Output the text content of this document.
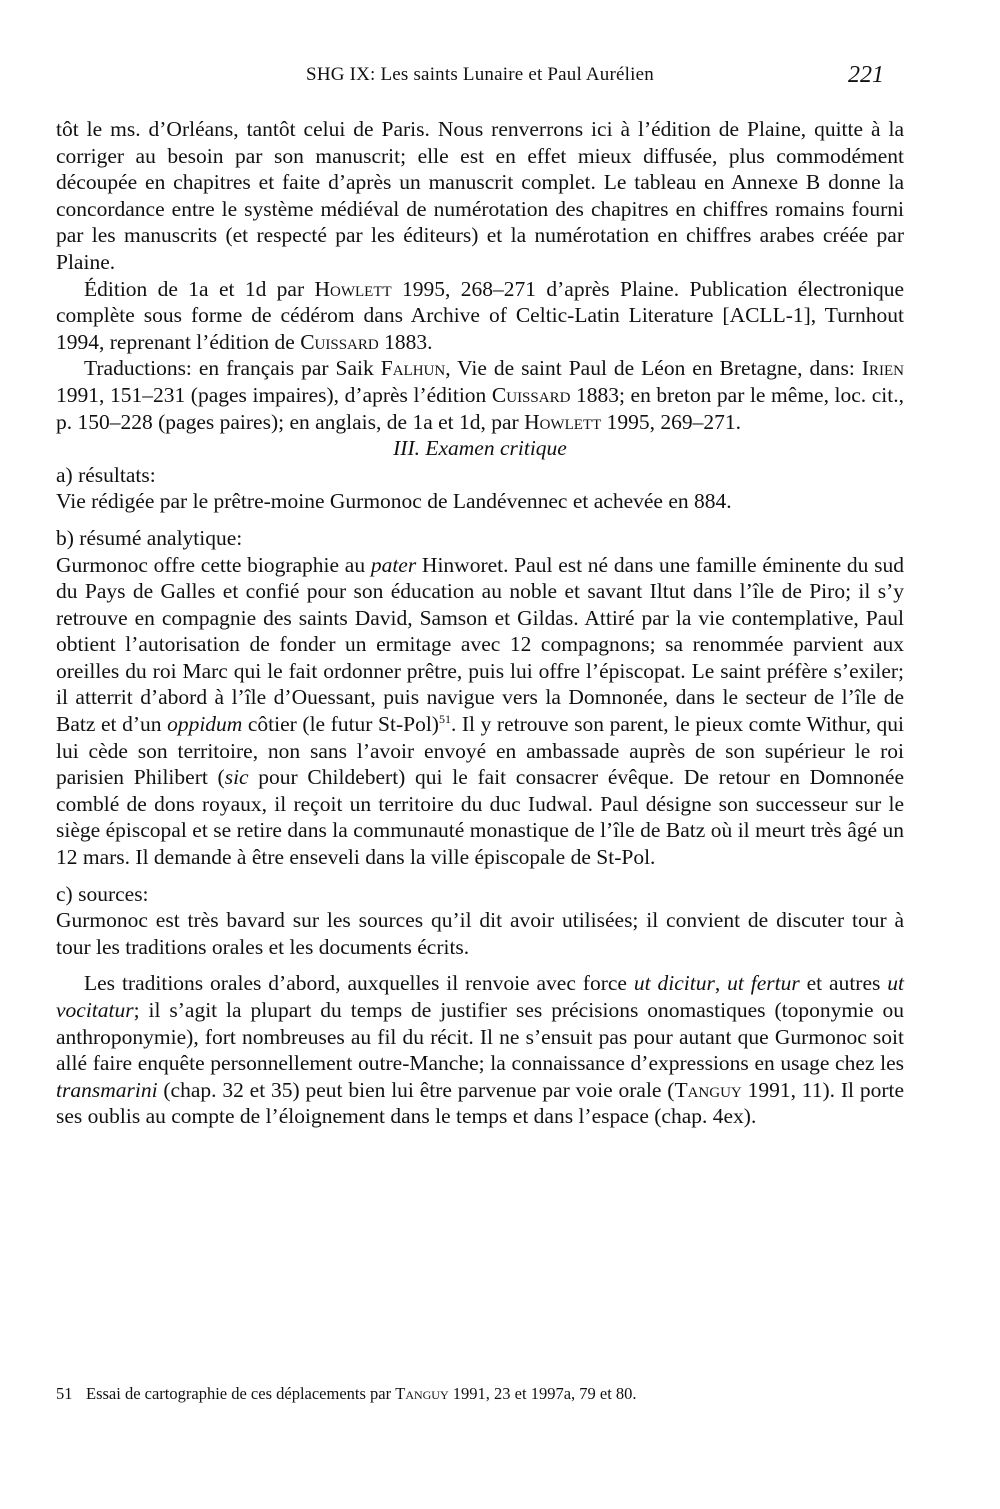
SHG IX: Les saints Lunaire et Paul Aurélien	221

tôt le ms. d’Orléans, tantôt celui de Paris. Nous renverrons ici à l’édition de Plaine, quitte à la corriger au besoin par son manuscrit; elle est en effet mieux diffusée, plus commodément découpée en chapitres et faite d’après un manuscrit complet. Le tableau en Annexe B donne la concordance entre le système médiéval de numérotation des chapitres en chiffres romains fourni par les manuscrits (et respecté par les éditeurs) et la numérotation en chiffres arabes créée par Plaine.

Édition de 1a et 1d par Howlett 1995, 268–271 d’après Plaine. Publication électronique complète sous forme de cédérom dans Archive of Celtic-Latin Literature [ACLL-1], Turnhout 1994, reprenant l’édition de Cuissard 1883.

Traductions: en français par Saik Falhun, Vie de saint Paul de Léon en Bretagne, dans: Irien 1991, 151–231 (pages impaires), d’après l’édition Cuissard 1883; en breton par le même, loc. cit., p. 150–228 (pages paires); en anglais, de 1a et 1d, par Howlett 1995, 269–271.

III. Examen critique

a) résultats:

Vie rédigée par le prêtre-moine Gurmonoc de Landévennec et achevée en 884.

b) résumé analytique:

Gurmonoc offre cette biographie au pater Hinworet. Paul est né dans une famille éminente du sud du Pays de Galles et confié pour son éducation au noble et savant Iltut dans l’île de Piro; il s’y retrouve en compagnie des saints David, Samson et Gildas. Attiré par la vie contemplative, Paul obtient l’autorisation de fonder un ermitage avec 12 compagnons; sa renommée parvient aux oreilles du roi Marc qui le fait ordonner prêtre, puis lui offre l’épiscopat. Le saint préfère s’exiler; il atterrit d’abord à l’île d’Ouessant, puis navigue vers la Domnonée, dans le secteur de l’île de Batz et d’un oppidum côtier (le futur St-Pol)$^{51}$. Il y retrouve son parent, le pieux comte Withur, qui lui cède son territoire, non sans l’avoir envoyé en ambassade auprès de son supérieur le roi parisien Philibert (sic pour Childebert) qui le fait consacrer évêque. De retour en Domnonée comblé de dons royaux, il reçoit un territoire du duc Iudwal. Paul désigne son successeur sur le siège épiscopal et se retire dans la communauté monastique de l’île de Batz où il meurt très âgé un 12 mars. Il demande à être enseveli dans la ville épiscopale de St-Pol.

c) sources:

Gurmonoc est très bavard sur les sources qu’il dit avoir utilisées; il convient de discuter tour à tour les traditions orales et les documents écrits.

Les traditions orales d’abord, auxquelles il renvoie avec force ut dicitur, ut fertur et autres ut vocitatur; il s’agit la plupart du temps de justifier ses précisions onomastiques (toponymie ou anthroponymie), fort nombreuses au fil du récit. Il ne s’ensuit pas pour autant que Gurmonoc soit allé faire enquête personnellement outre-Manche; la connaissance d’expressions en usage chez les transmarini (chap. 32 et 35) peut bien lui être parvenue par voie orale (Tanguy 1991, 11). Il porte ses oublis au compte de l’éloignement dans le temps et dans l’espace (chap. 4ex).

51 Essai de cartographie de ces déplacements par Tanguy 1991, 23 et 1997a, 79 et 80.
